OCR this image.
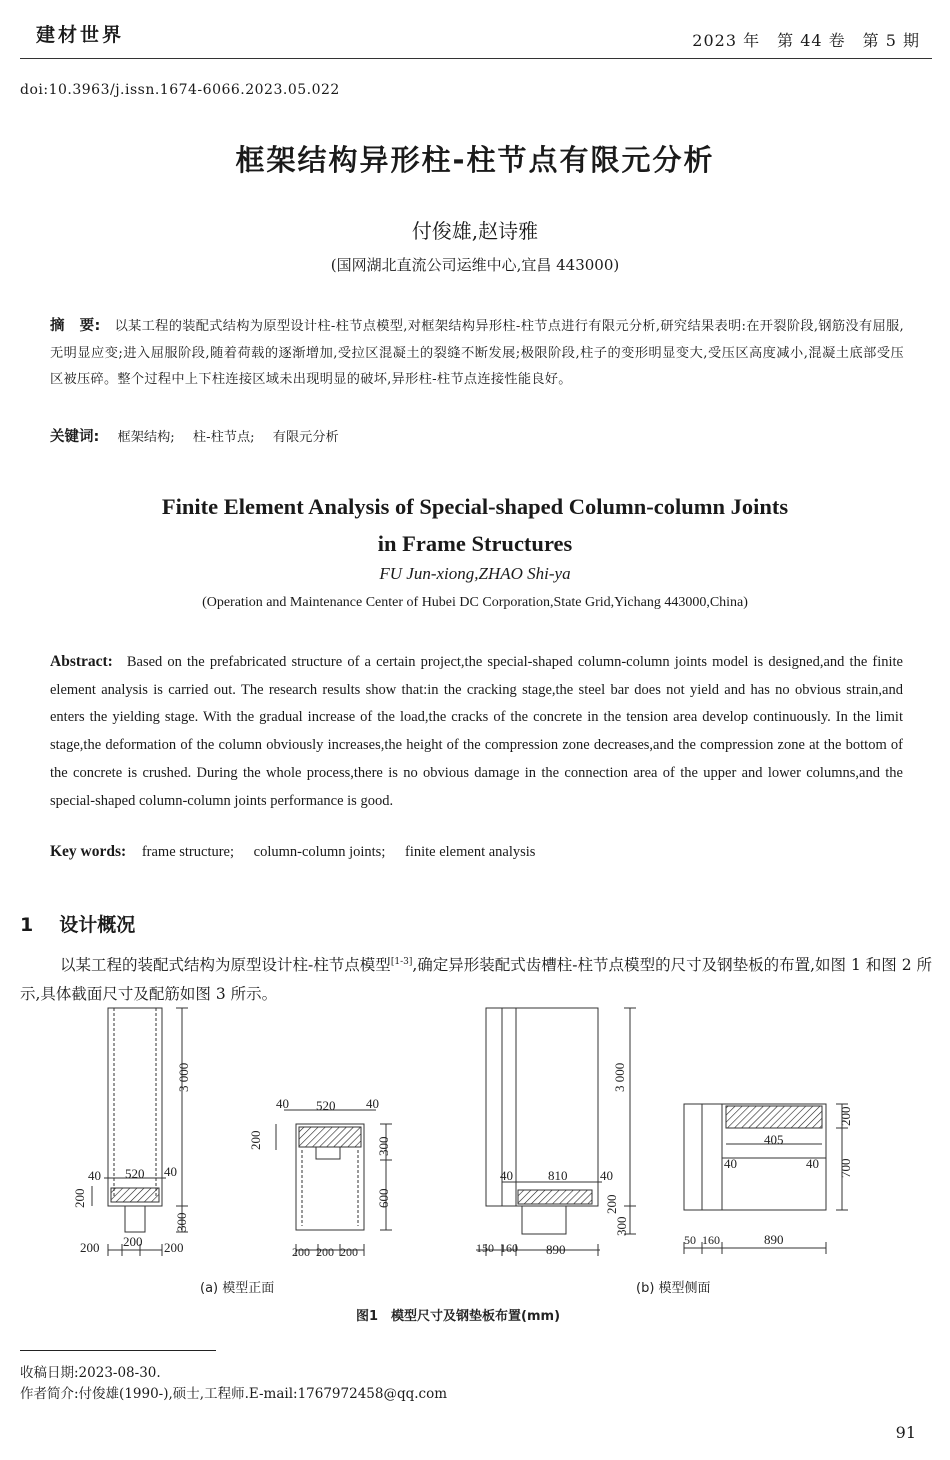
建材世界	2023 年　第 44 卷　第 5 期
doi:10.3963/j.issn.1674-6066.2023.05.022
框架结构异形柱-柱节点有限元分析
付俊雄,赵诗雅
(国网湖北直流公司运维中心,宜昌 443000)
摘　要: 以某工程的装配式结构为原型设计柱-柱节点模型,对框架结构异形柱-柱节点进行有限元分析,研究结果表明:在开裂阶段,钢筋没有屈服,无明显应变;进入屈服阶段,随着荷载的逐渐增加,受拉区混凝土的裂缝不断发展;极限阶段,柱子的变形明显变大,受压区高度减小,混凝土底部受压区被压碎。整个过程中上下柱连接区域未出现明显的破坏,异形柱-柱节点连接性能良好。
关键词: 框架结构; 柱-柱节点; 有限元分析
Finite Element Analysis of Special-shaped Column-column Joints
in Frame Structures
FU Jun-xiong,ZHAO Shi-ya
(Operation and Maintenance Center of Hubei DC Corporation,State Grid,Yichang 443000,China)
Abstract: Based on the prefabricated structure of a certain project,the special-shaped column-column joints model is designed,and the finite element analysis is carried out. The research results show that:in the cracking stage,the steel bar does not yield and has no obvious strain,and enters the yielding stage. With the gradual increase of the load,the cracks of the concrete in the tension area develop continuously. In the limit stage,the deformation of the column obviously increases,the height of the compression zone decreases,and the compression zone at the bottom of the concrete is crushed. During the whole process,there is no obvious damage in the connection area of the upper and lower columns,and the special-shaped column-column joints performance is good.
Key words: frame structure; column-column joints; finite element analysis
1 设计概况
以某工程的装配式结构为原型设计柱-柱节点模型[1-3],确定异形装配式齿槽柱-柱节点模型的尺寸及钢垫板的布置,如图 1 和图 2 所示,具体截面尺寸及配筋如图 3 所示。
3 000
40 520 40
200
300
200 200 200
40 520 40
200	300
600
200 200 200
3 000
40	810	40
200
300
150 160 890
405
40	40
200
700
50 160	890
(a) 模型正面	(b) 模型侧面
图1　模型尺寸及钢垫板布置(mm)
收稿日期:2023-08-30.
作者简介:付俊雄(1990-),硕士,工程师.E-mail:1767972458@qq.com
91
